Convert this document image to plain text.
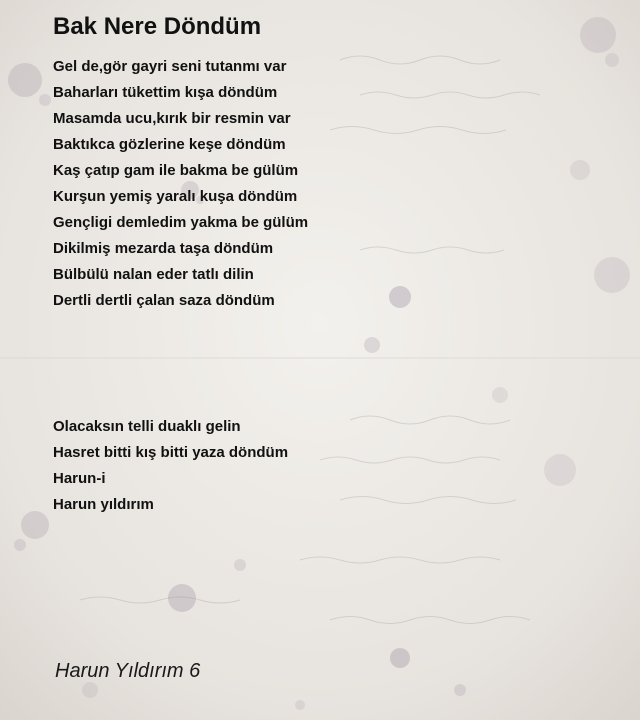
Bak Nere Döndüm
Gel de,gör gayri seni tutanmı var
Baharları tükettim kışa döndüm
Masamda ucu,kırık bir resmin var
Baktıkca gözlerine keşe döndüm
Kaş çatıp gam ile bakma be gülüm
Kurşun yemiş yaralı kuşa döndüm
Gençligi demledim yakma be gülüm
Dikilmiş mezarda taşa döndüm
Bülbülü nalan eder tatlı dilin
Dertli dertli çalan saza döndüm
Olacaksın telli duaklı gelin
Hasret bitti kış bitti yaza döndüm
Harun-i
Harun yıldırım
Harun Yıldırım 6
